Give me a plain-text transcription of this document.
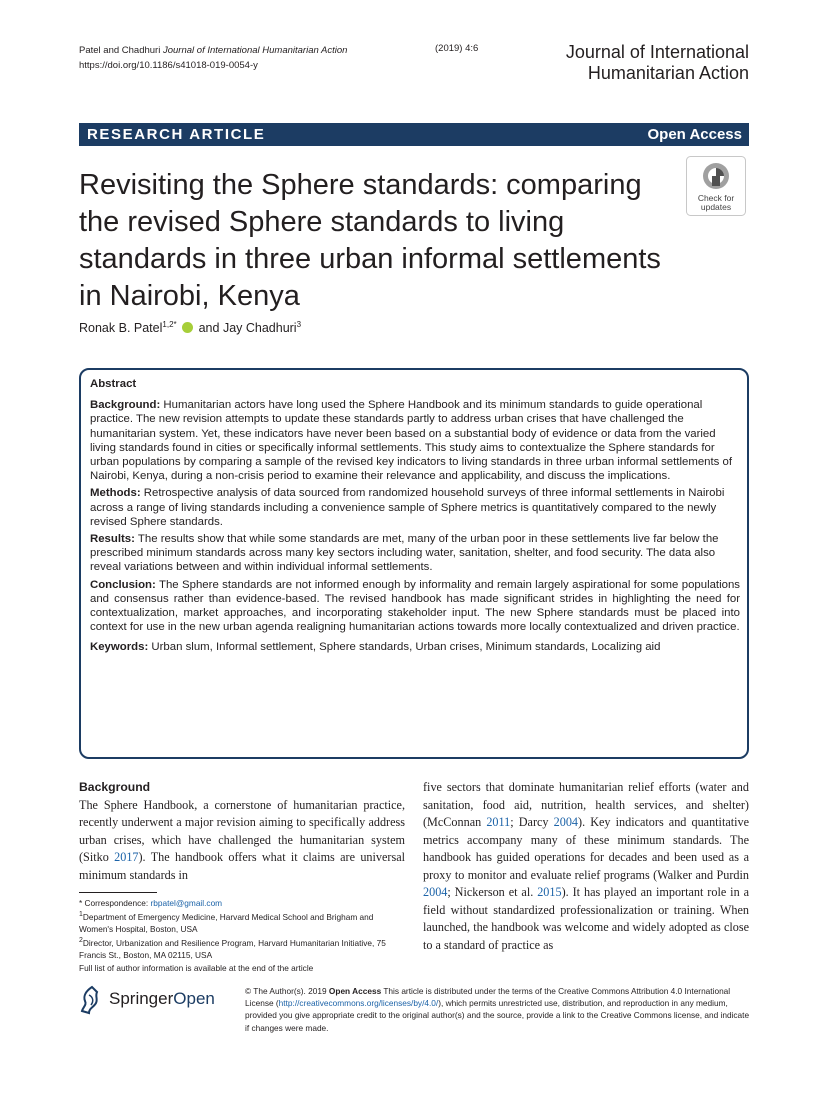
Patel and Chadhuri Journal of International Humanitarian Action
https://doi.org/10.1186/s41018-019-0054-y
(2019) 4:6	Journal of International
Humanitarian Action
RESEARCH ARTICLE	Open Access
Revisiting the Sphere standards: comparing the revised Sphere standards to living standards in three urban informal settlements in Nairobi, Kenya
Check for
updates
Ronak B. Patel$^{1,2*}$ and Jay Chadhuri$^3$
Abstract

Background: Humanitarian actors have long used the Sphere Handbook and its minimum standards to guide operational practice. The new revision attempts to update these standards partly to address urban crises that have challenged the humanitarian system. Yet, these indicators have never been based on a substantial body of evidence or data from the varied living standards found in cities or specifically informal settlements. This study aims to contextualize the Sphere standards for urban populations by comparing a sample of the revised key indicators to living standards in three urban informal settlements of Nairobi, Kenya, during a non-crisis period to examine their relevance and applicability, and discuss the implications.

Methods: Retrospective analysis of data sourced from randomized household surveys of three informal settlements in Nairobi across a range of living standards including a convenience sample of Sphere metrics is quantitatively compared to the newly revised Sphere standards.

Results: The results show that while some standards are met, many of the urban poor in these settlements live far below the prescribed minimum standards across many key sectors including water, sanitation, shelter, and food security. The data also reveal variations between and within individual informal settlements.

Conclusion: The Sphere standards are not informed enough by informality and remain largely aspirational for some populations and consensus rather than evidence-based. The revised handbook has made significant strides in highlighting the need for contextualization, market approaches, and incorporating stakeholder input. The new Sphere standards must be placed into context for use in the new urban agenda realigning humanitarian actions towards more locally contextualized and driven practice.

Keywords: Urban slum, Informal settlement, Sphere standards, Urban crises, Minimum standards, Localizing aid

Background
The Sphere Handbook, a cornerstone of humanitarian practice, recently underwent a major revision aiming to specifically address urban crises, which have challenged the humanitarian system (Sitko 2017). The handbook offers what it claims are universal minimum standards in
five sectors that dominate humanitarian relief efforts (water and sanitation, food aid, nutrition, health services, and shelter) (McConnan 2011; Darcy 2004). Key indicators and quantitative metrics accompany many of these minimum standards. The handbook has guided operations for decades and been used as a proxy to monitor and evaluate relief programs (Walker and Purdin 2004; Nickerson et al. 2015). It has played an important role in a field without standardized professionalization or training. When launched, the handbook was welcome and widely adopted as close to a standard of practice as

* Correspondence: rbpatel@gmail.com

$^1$Department of Emergency Medicine, Harvard Medical School and Brigham and Women's Hospital, Boston, USA

$^2$Director, Urbanization and Resilience Program, Harvard Humanitarian Initiative, 75 Francis St., Boston, MA 02115, USA

Full list of author information is available at the end of the article

SpringerOpen	© The Author(s). 2019 Open Access This article is distributed under the terms of the Creative Commons Attribution 4.0 International License (http://creativecommons.org/licenses/by/4.0/), which permits unrestricted use, distribution, and reproduction in any medium, provided you give appropriate credit to the original author(s) and the source, provide a link to the Creative Commons license, and indicate if changes were made.
